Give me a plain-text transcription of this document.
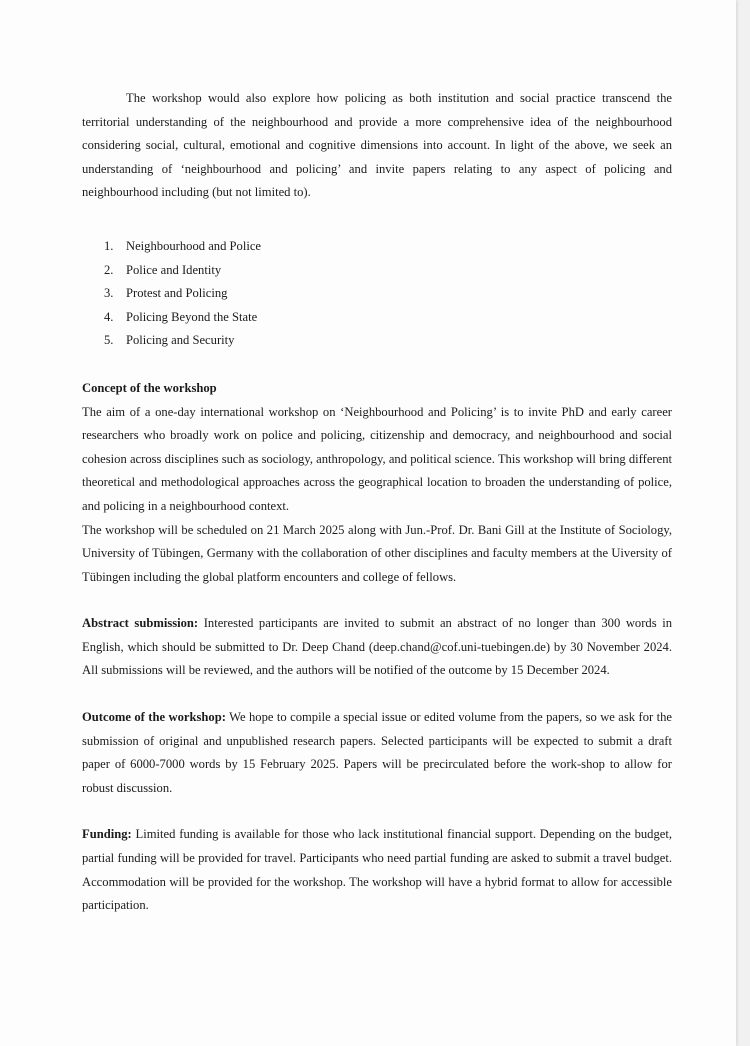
The workshop would also explore how policing as both institution and social practice transcend the territorial understanding of the neighbourhood and provide a more comprehensive idea of the neighbourhood considering social, cultural, emotional and cognitive dimensions into account. In light of the above, we seek an understanding of ‘neighbourhood and policing’ and invite papers relating to any aspect of policing and neighbourhood including (but not limited to).

1. Neighbourhood and Police
2. Police and Identity
3. Protest and Policing
4. Policing Beyond the State
5. Policing and Security

Concept of the workshop

The aim of a one-day international workshop on ‘Neighbourhood and Policing’ is to invite PhD and early career researchers who broadly work on police and policing, citizenship and democracy, and neighbourhood and social cohesion across disciplines such as sociology, anthropology, and political science. This workshop will bring different theoretical and methodological approaches across the geographical location to broaden the understanding of police, and policing in a neighbourhood context.

The workshop will be scheduled on 21 March 2025 along with Jun.-Prof. Dr. Bani Gill at the Institute of Sociology, University of Tübingen, Germany with the collaboration of other disciplines and faculty members at the Uiversity of Tübingen including the global platform encounters and college of fellows.

Abstract submission: Interested participants are invited to submit an abstract of no longer than 300 words in English, which should be submitted to Dr. Deep Chand (deep.chand@cof.uni-tuebingen.de) by 30 November 2024. All submissions will be reviewed, and the authors will be notified of the outcome by 15 December 2024.

Outcome of the workshop: We hope to compile a special issue or edited volume from the papers, so we ask for the submission of original and unpublished research papers. Selected participants will be expected to submit a draft paper of 6000-7000 words by 15 February 2025. Papers will be precirculated before the work-shop to allow for robust discussion.

Funding: Limited funding is available for those who lack institutional financial support. Depending on the budget, partial funding will be provided for travel. Participants who need partial funding are asked to submit a travel budget. Accommodation will be provided for the workshop. The workshop will have a hybrid format to allow for accessible participation.
